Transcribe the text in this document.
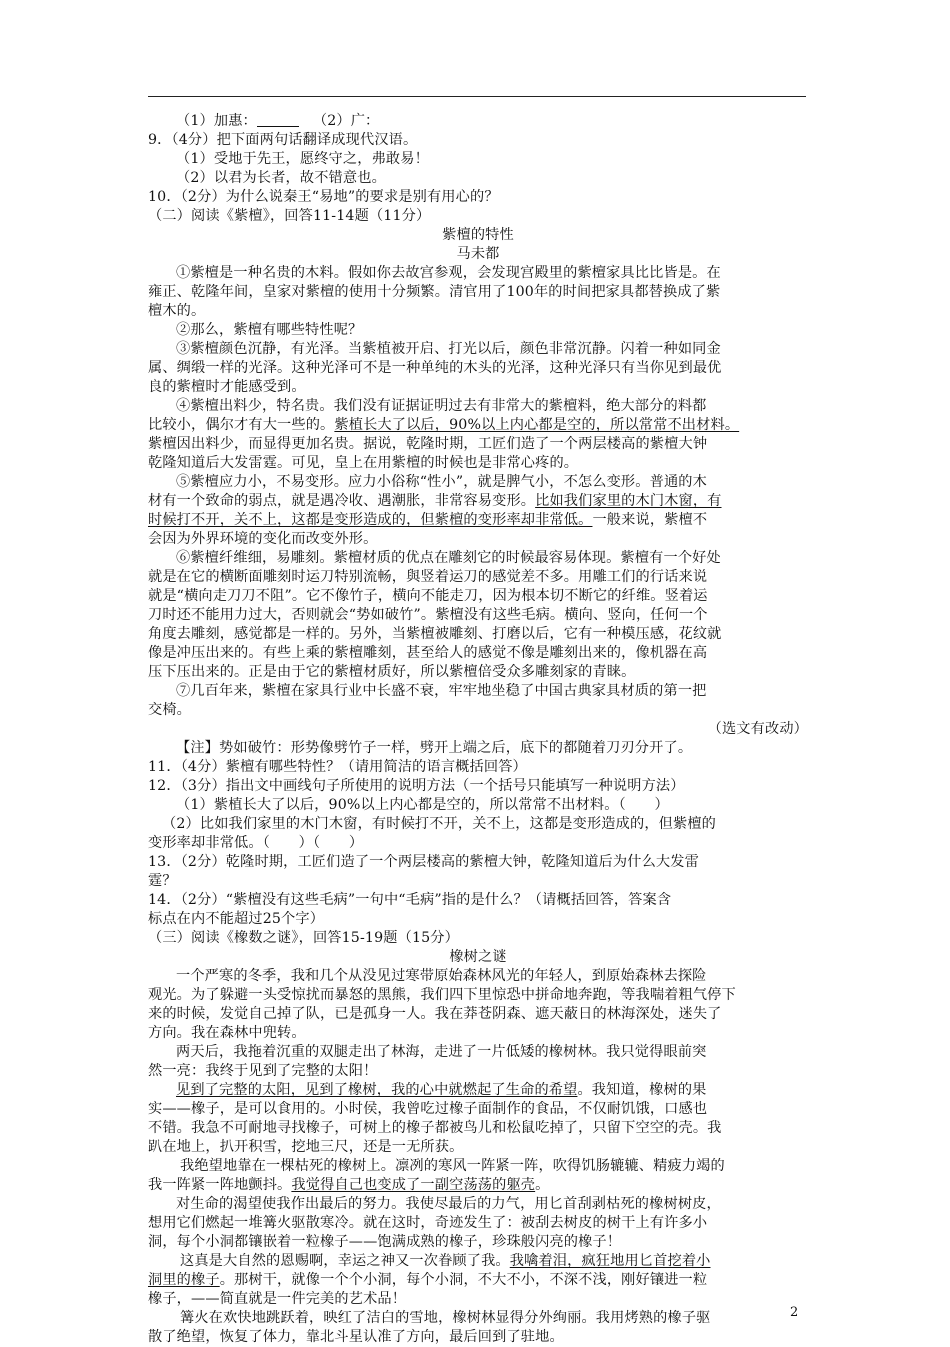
（1）加惠：	（2）广：
9．（4分）把下面两句话翻译成现代汉语。
（1）受地于先王，愿终守之，弗敢易！
（2）以君为长者，故不错意也。
10．（2分）为什么说秦王“易地”的要求是别有用心的？
（二）阅读《紫檀》，回答11-14题（11分）
紫檀的特性
马未都
①紫檀是一种名贵的木料。假如你去故宫参观，会发现宫殿里的紫檀家具比比皆是。在
雍正、乾隆年间，皇家对紫檀的使用十分频繁。清官用了100年的时间把家具都替换成了紫
檀木的。
②那么，紫檀有哪些特性呢？
③紫檀颜色沉静，有光泽。当紫植被开启、打光以后，颜色非常沉静。闪着一种如同金
属、绸缎一样的光泽。这种光泽可不是一种单纯的木头的光泽，这种光泽只有当你见到最优
良的紫檀时才能感受到。
④紫檀出料少，特名贵。我们没有证据证明过去有非常大的紫檀料，绝大部分的料都
比较小，偶尔才有大一些的。紫植长大了以后，90%以上内心都是空的，所以常常不出材料。
紫檀因出料少，而显得更加名贵。据说，乾隆时期，工匠们造了一个两层楼高的紫檀大钟
乾隆知道后大发雷霆。可见，皇上在用紫檀的时候也是非常心疼的。
⑤紫檀应力小，不易变形。应力小俗称“性小”，就是脾气小，不怎么变形。普通的木
材有一个致命的弱点，就是遇冷收、遇潮胀，非常容易变形。比如我们家里的木门木窗，有
时候打不开，关不上，这都是变形造成的，但紫檀的变形率却非常低。一般来说，紫檀不
会因为外界环境的变化而改变外形。
⑥紫檀纤维细，易雕刻。紫檀材质的优点在雕刻它的时候最容易体现。紫檀有一个好处
就是在它的横断面雕刻时运刀特别流畅，與竖着运刀的感觉差不多。用雕工们的行话来说
就是“横向走刀刀不阻”。它不像竹子，横向不能走刀，因为根本切不断它的纤维。竖着运
刀时还不能用力过大，否则就会“势如破竹”。紫檀没有这些毛病。横向、竖向，任何一个
角度去雕刻，感觉都是一样的。另外，当紫檀被雕刻、打磨以后，它有一种模压感，花纹就
像是冲压出来的。有些上乘的紫檀雕刻，甚至给人的感觉不像是雕刻出来的，像机器在高
压下压出来的。正是由于它的紫檀材质好，所以紫檀倍受众多雕刻家的青睐。
⑦几百年来，紫檀在家具行业中长盛不衰，牢牢地坐稳了中国古典家具材质的第一把
交椅。
（选文有改动）
【注】势如破竹：形势像劈竹子一样，劈开上端之后，底下的都随着刀刃分开了。
11．（4分）紫檀有哪些特性？（请用简洁的语言概括回答）
12．（3分）指出文中画线句子所使用的说明方法（一个括号只能填写一种说明方法）
（1）紫植长大了以后，90%以上内心都是空的，所以常常不出材料。（　　）
（2）比如我们家里的木门木窗，有时候打不开，关不上，这都是变形造成的，但紫檀的
变形率却非常低。（　　）（　　）
13．（2分）乾隆时期，工匠们造了一个两层楼高的紫檀大钟，乾隆知道后为什么大发雷
霆？
14．（2分）“紫檀没有这些毛病”一句中“毛病”指的是什么？（请概括回答，答案含
标点在内不能超过25个字）
（三）阅读《橡数之谜》，回答15-19题（15分）
橡树之谜
一个严寒的冬季，我和几个从没见过寒带原始森林风光的年轻人，到原始森林去探险
观光。为了躲避一头受惊扰而暴怒的黑熊，我们四下里惊恐中拼命地奔跑，等我喘着粗气停下
来的时候，发觉自己掉了队，已是孤身一人。我在莽苍阴森、遮天蔽日的林海深处，迷失了
方向。我在森林中兜转。
两天后，我拖着沉重的双腿走出了林海，走进了一片低矮的橡树林。我只觉得眼前突
然一亮：我终于见到了完整的太阳！
见到了完整的太阳，见到了橡树，我的心中就燃起了生命的希望。我知道，橡树的果
实——橡子，是可以食用的。小时侯，我曾吃过橡子面制作的食品，不仅耐饥饿，口感也
不错。我急不可耐地寻找橡子，可树上的橡子都被鸟儿和松鼠吃掉了，只留下空空的壳。我
趴在地上，扒开积雪，挖地三尺，还是一无所获。
我绝望地靠在一棵枯死的橡树上。凛冽的寒风一阵紧一阵，吹得饥肠辘辘、精疲力竭的
我一阵紧一阵地颤抖。我觉得自己也变成了一副空荡荡的躯壳。
对生命的渴望使我作出最后的努力。我使尽最后的力气，用匕首刮剥枯死的橡树树皮，
想用它们燃起一堆篝火驱散寒冷。就在这时，奇迹发生了：被刮去树皮的树干上有许多小
洞，每个小洞都镶嵌着一粒橡子——饱满成熟的橡子，珍珠般闪亮的橡子！
这真是大自然的恩赐啊，幸运之神又一次眷顾了我。我噙着泪，疯狂地用匕首挖着小
洞里的橡子。那树干，就像一个个小洞，每个小洞，不大不小，不深不浅，刚好镶进一粒
橡子，——简直就是一件完美的艺术品！
篝火在欢快地跳跃着，映红了洁白的雪地，橡树林显得分外绚丽。我用烤熟的橡子驱
散了绝望，恢复了体力，靠北斗星认准了方向，最后回到了驻地。
2
